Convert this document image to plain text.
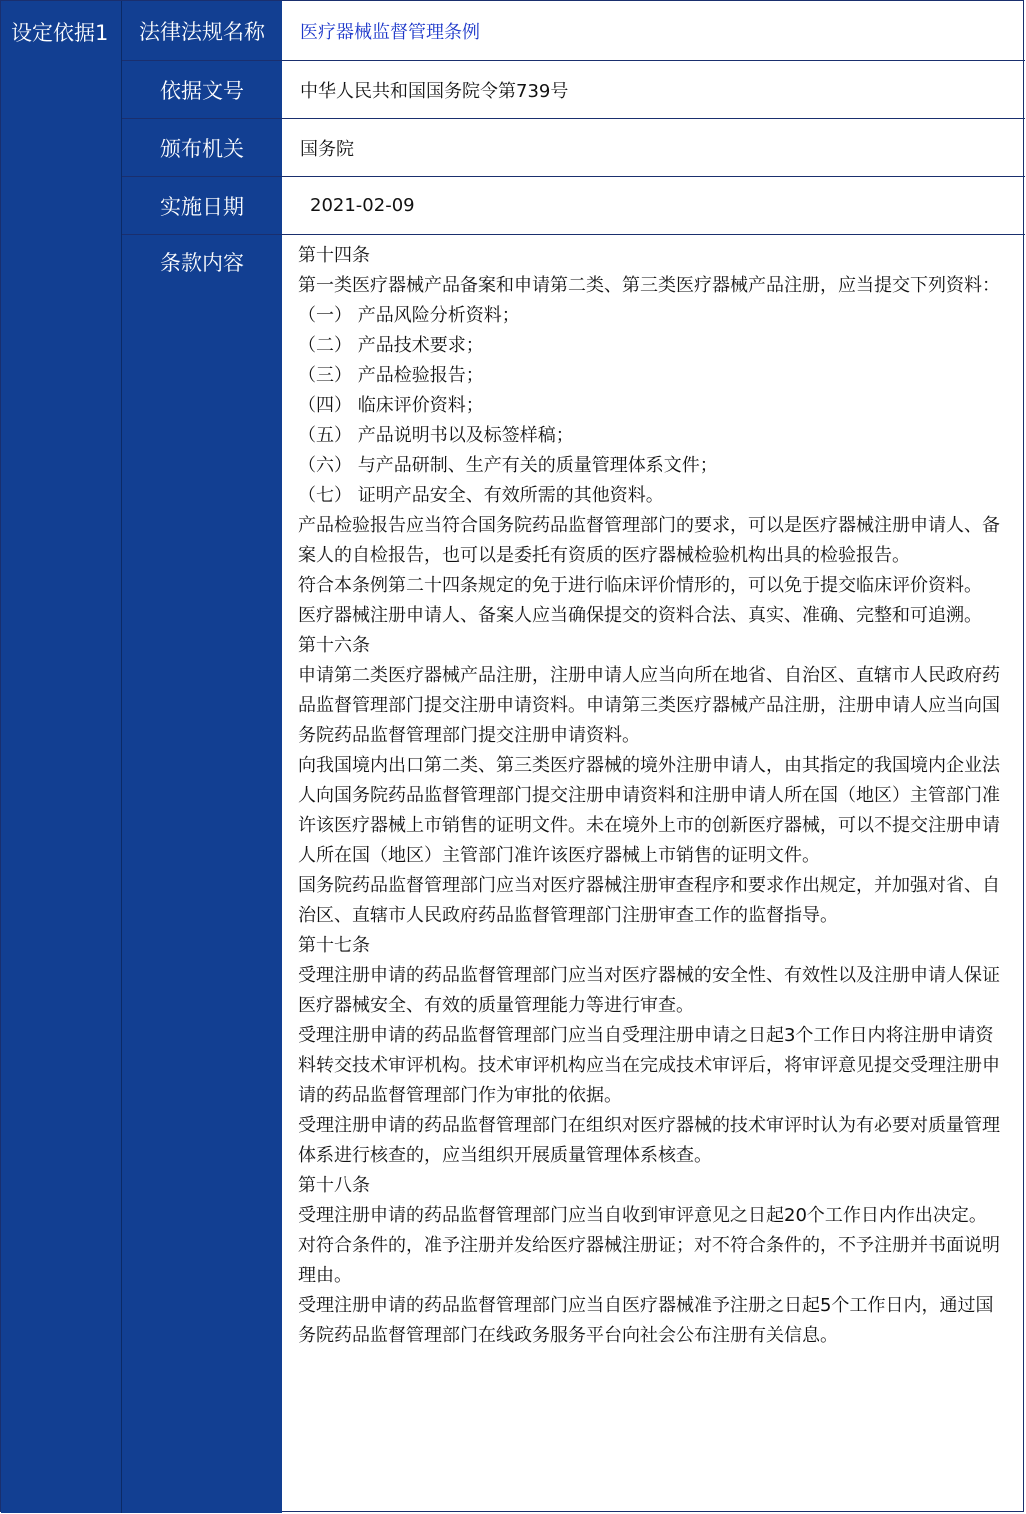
设定依据1	法律法规名称	医疗器械监督管理条例
依据文号	中华人民共和国国务院令第739号
颁布机关	国务院
实施日期	2021-02-09
条款内容	第十四条

第一类医疗器械产品备案和申请第二类、第三类医疗器械产品注册，应当提交下列资料：

（一） 产品风险分析资料；

（二） 产品技术要求；

（三） 产品检验报告；

（四） 临床评价资料；

（五） 产品说明书以及标签样稿；

（六） 与产品研制、生产有关的质量管理体系文件；

（七） 证明产品安全、有效所需的其他资料。

产品检验报告应当符合国务院药品监督管理部门的要求，可以是医疗器械注册申请人、备案人的自检报告，也可以是委托有资质的医疗器械检验机构出具的检验报告。

符合本条例第二十四条规定的免于进行临床评价情形的，可以免于提交临床评价资料。

医疗器械注册申请人、备案人应当确保提交的资料合法、真实、准确、完整和可追溯。

第十六条

申请第二类医疗器械产品注册，注册申请人应当向所在地省、自治区、直辖市人民政府药品监督管理部门提交注册申请资料。申请第三类医疗器械产品注册，注册申请人应当向国务院药品监督管理部门提交注册申请资料。

向我国境内出口第二类、第三类医疗器械的境外注册申请人，由其指定的我国境内企业法人向国务院药品监督管理部门提交注册申请资料和注册申请人所在国（地区）主管部门准许该医疗器械上市销售的证明文件。未在境外上市的创新医疗器械，可以不提交注册申请人所在国（地区）主管部门准许该医疗器械上市销售的证明文件。

国务院药品监督管理部门应当对医疗器械注册审查程序和要求作出规定，并加强对省、自治区、直辖市人民政府药品监督管理部门注册审查工作的监督指导。

第十七条

受理注册申请的药品监督管理部门应当对医疗器械的安全性、有效性以及注册申请人保证医疗器械安全、有效的质量管理能力等进行审查。

受理注册申请的药品监督管理部门应当自受理注册申请之日起3个工作日内将注册申请资料转交技术审评机构。技术审评机构应当在完成技术审评后，将审评意见提交受理注册申请的药品监督管理部门作为审批的依据。

受理注册申请的药品监督管理部门在组织对医疗器械的技术审评时认为有必要对质量管理体系进行核查的，应当组织开展质量管理体系核查。

第十八条

受理注册申请的药品监督管理部门应当自收到审评意见之日起20个工作日内作出决定。对符合条件的，准予注册并发给医疗器械注册证；对不符合条件的，不予注册并书面说明理由。

受理注册申请的药品监督管理部门应当自医疗器械准予注册之日起5个工作日内，通过国务院药品监督管理部门在线政务服务平台向社会公布注册有关信息。
